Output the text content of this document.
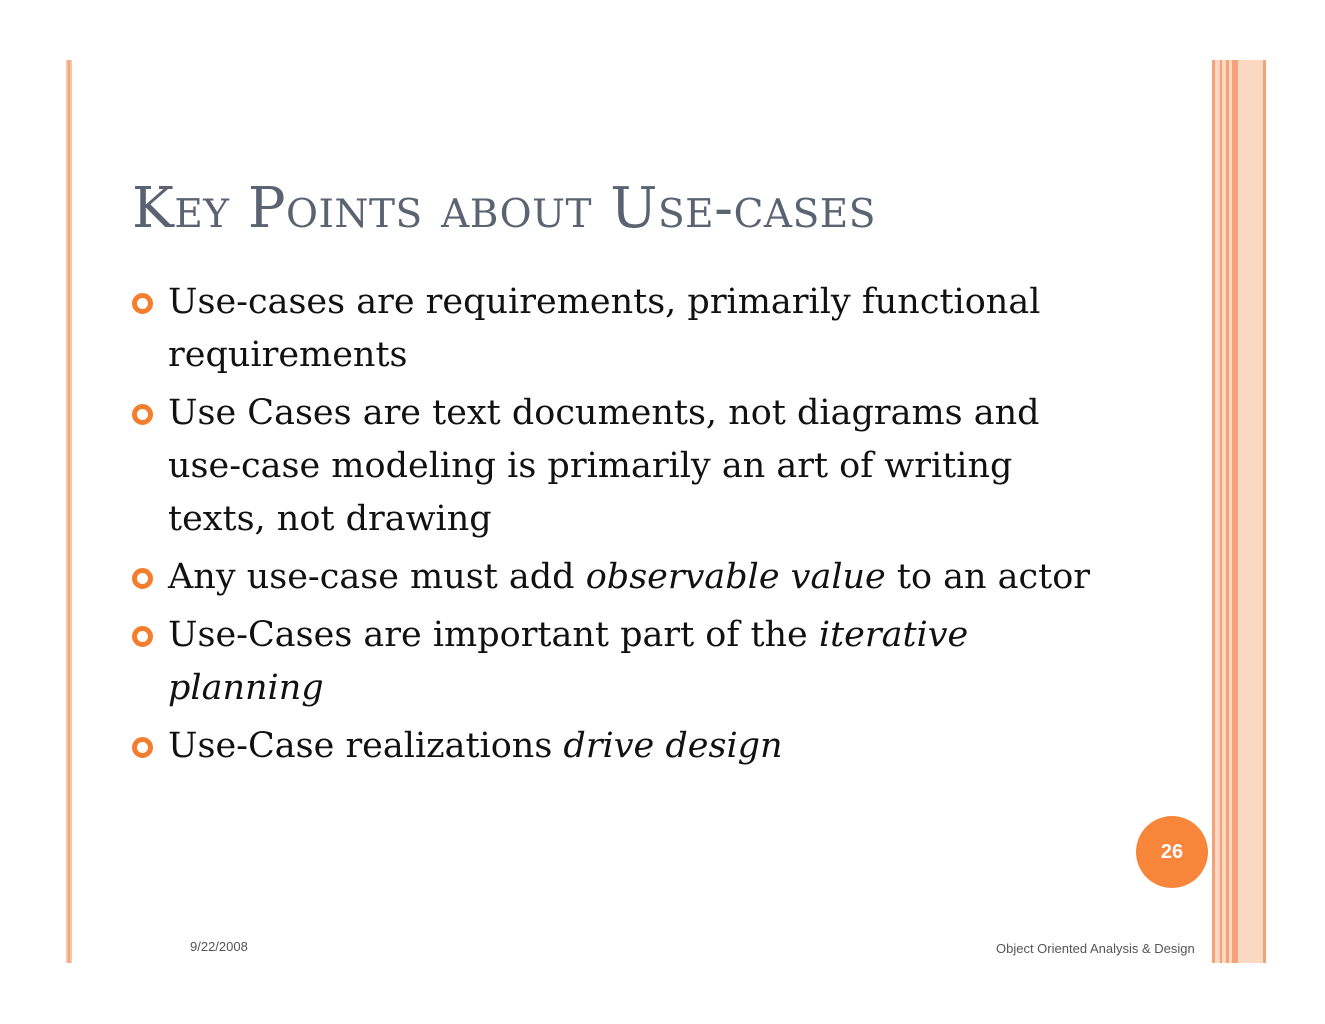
Key Points about Use-cases
Use-cases are requirements, primarily functional requirements
Use Cases are text documents, not diagrams and use-case modeling is primarily an art of writing texts, not drawing
Any use-case must add observable value to an actor
Use-Cases are important part of the iterative planning
Use-Case realizations drive design
26
9/22/2008	Object Oriented Analysis & Design
